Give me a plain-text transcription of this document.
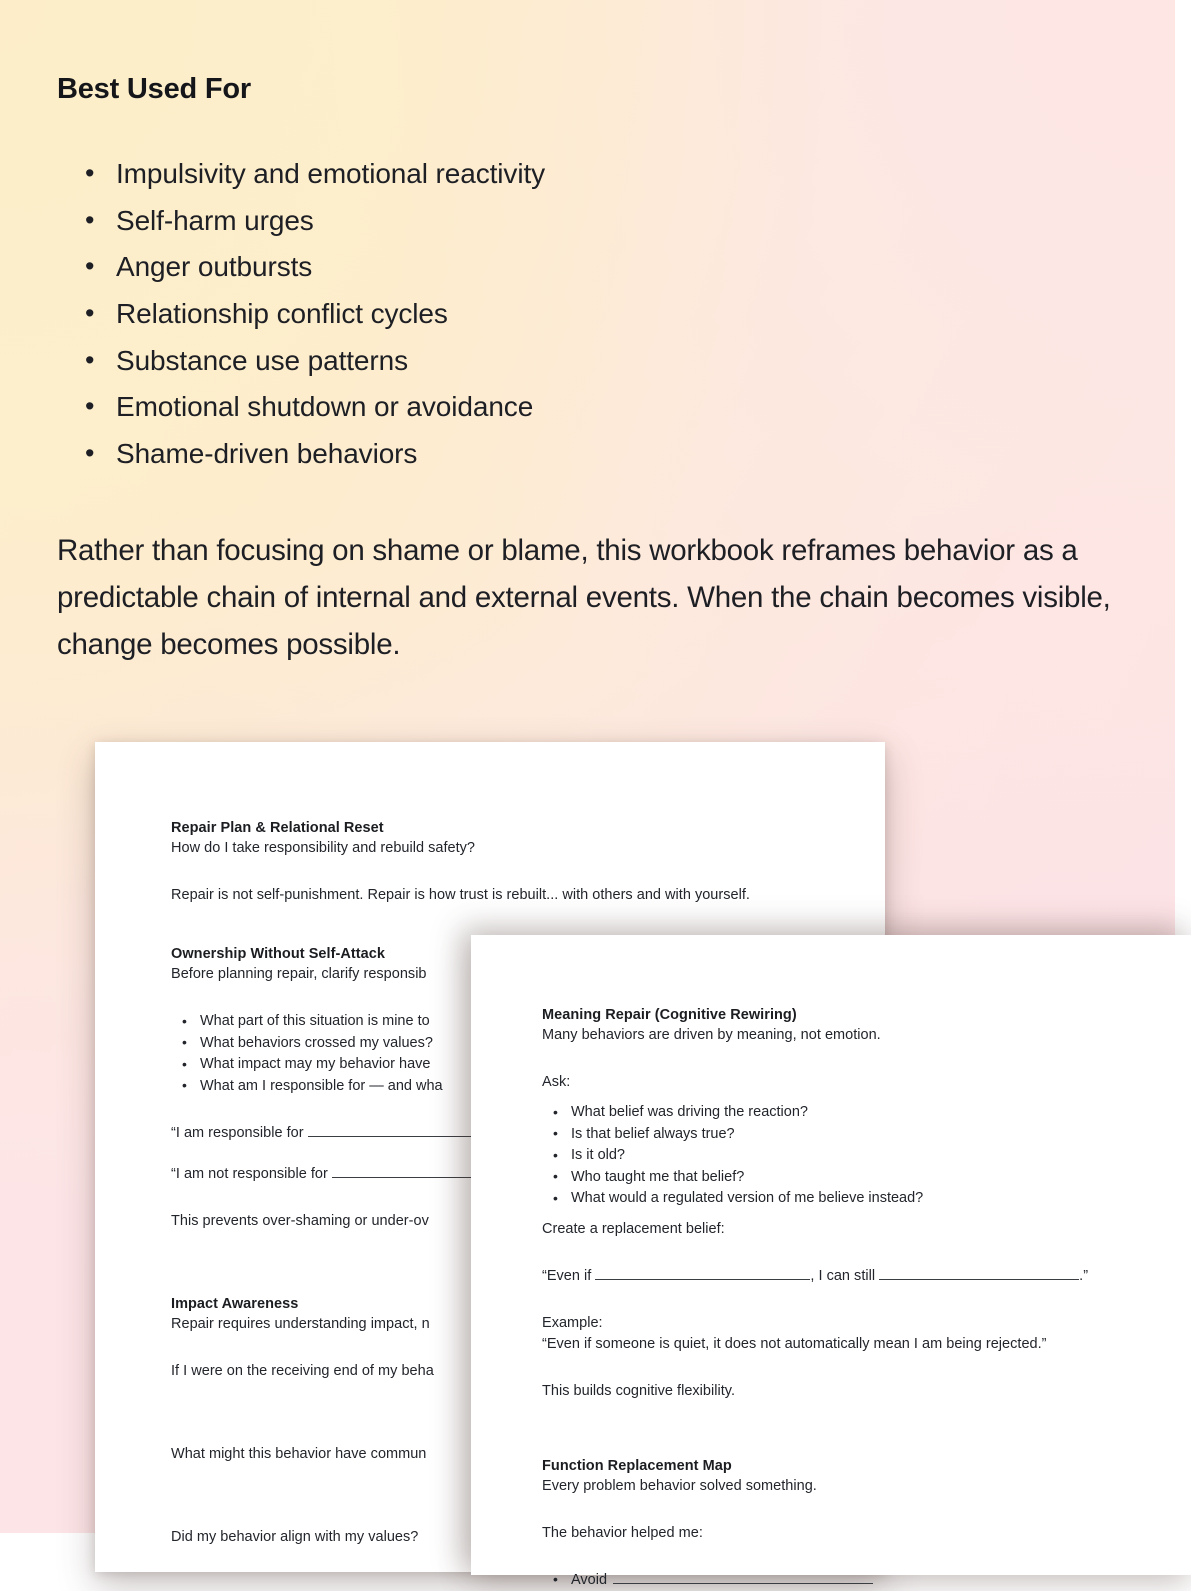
Best Used For
• Impulsivity and emotional reactivity
• Self-harm urges
• Anger outbursts
• Relationship conflict cycles
• Substance use patterns
• Emotional shutdown or avoidance
• Shame-driven behaviors

Rather than focusing on shame or blame, this workbook reframes behavior as a predictable chain of internal and external events. When the chain becomes visible, change becomes possible.

Repair Plan & Relational Reset
How do I take responsibility and rebuild safety?
Repair is not self-punishment. Repair is how trust is rebuilt... with others and with yourself.
Ownership Without Self-Attack
Before planning repair, clarify responsib
• What part of this situation is mine to
• What behaviors crossed my values?
• What impact may my behavior have
• What am I responsible for — and wha
“I am responsible for
“I am not responsible for
This prevents over-shaming or under-ov
Impact Awareness
Repair requires understanding impact, n
If I were on the receiving end of my beha
What might this behavior have commun
Did my behavior align with my values?
Meaning Repair (Cognitive Rewiring)
Many behaviors are driven by meaning, not emotion.
Ask:
• What belief was driving the reaction?
• Is that belief always true?
• Is it old?
• Who taught me that belief?
• What would a regulated version of me believe instead?
Create a replacement belief:
“Even if	, I can still	.”
Example:
“Even if someone is quiet, it does not automatically mean I am being rejected.”
This builds cognitive flexibility.
Function Replacement Map
Every problem behavior solved something.
The behavior helped me:
• Avoid
